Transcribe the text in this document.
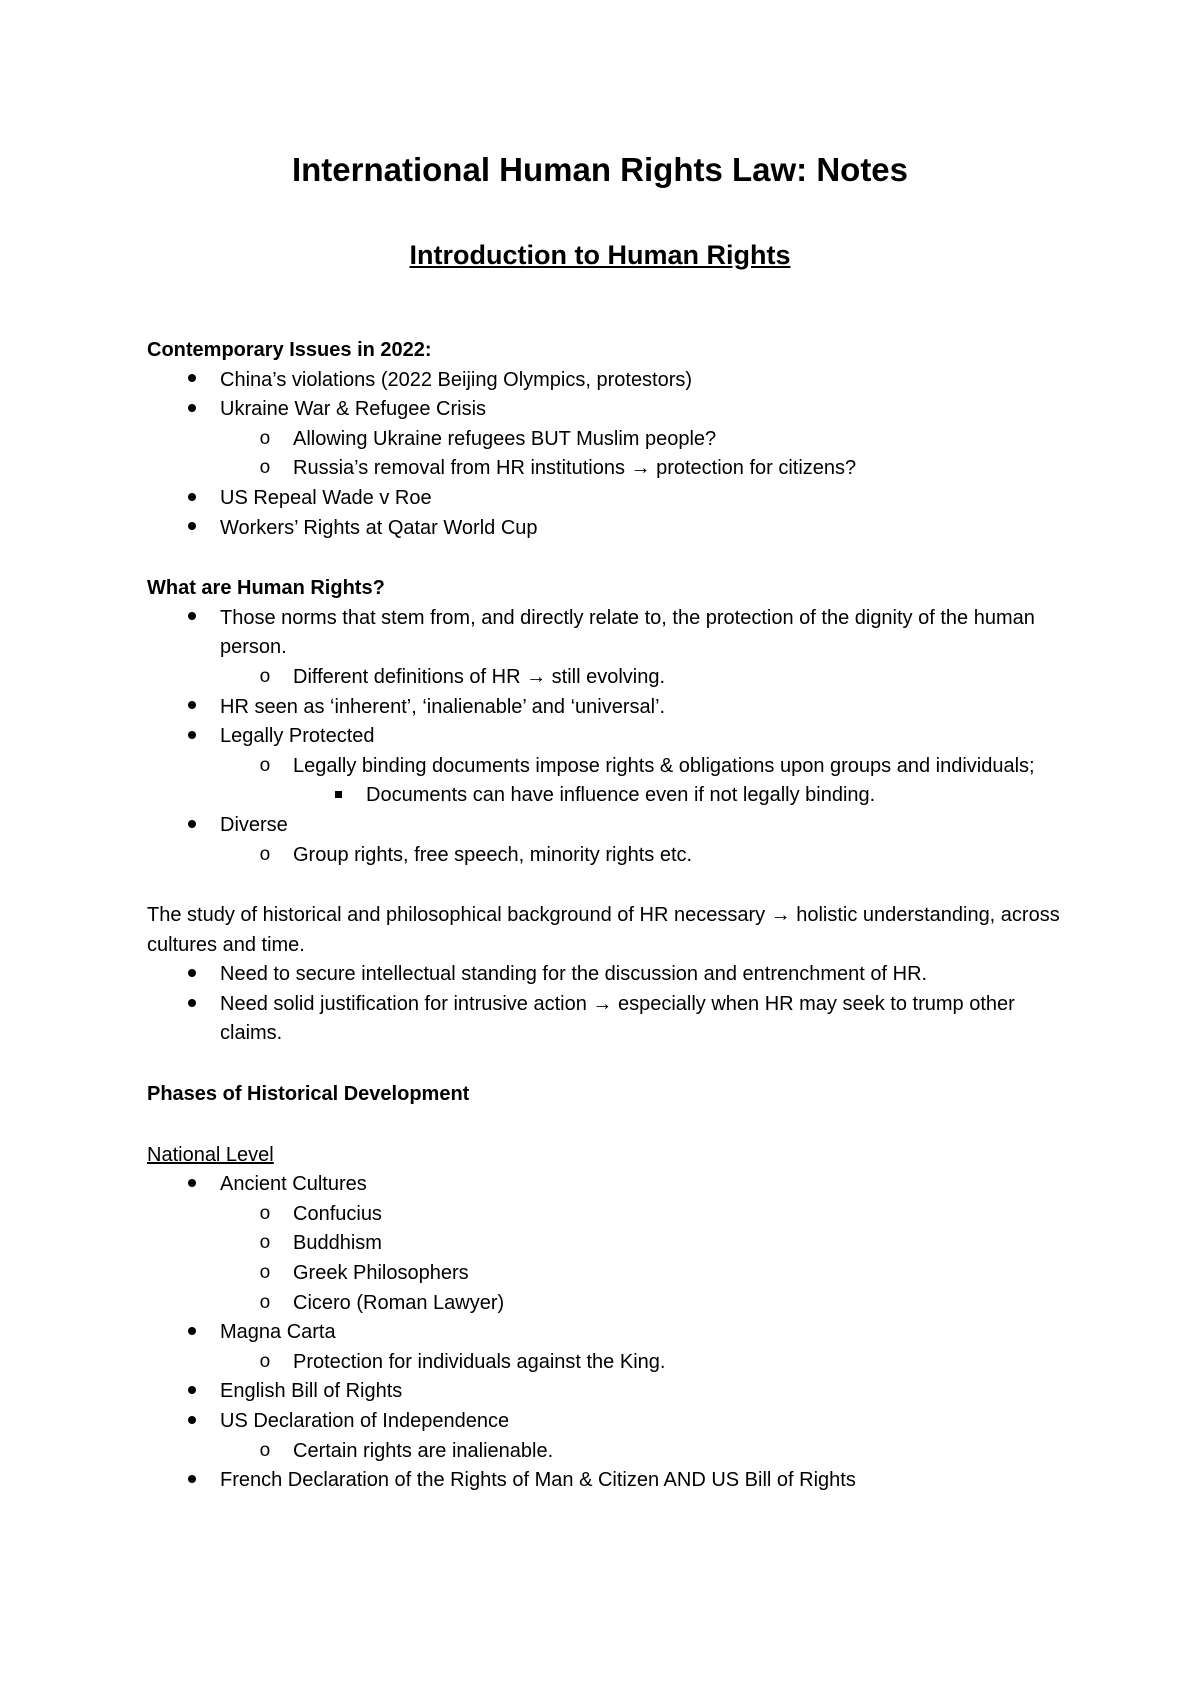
International Human Rights Law: Notes
Introduction to Human Rights
Contemporary Issues in 2022:
China’s violations (2022 Beijing Olympics, protestors)
Ukraine War & Refugee Crisis
o	Allowing Ukraine refugees BUT Muslim people?
o	Russia’s removal from HR institutions → protection for citizens?
US Repeal Wade v Roe
Workers’ Rights at Qatar World Cup
What are Human Rights?
Those norms that stem from, and directly relate to, the protection of the dignity of the human person.
o	Different definitions of HR → still evolving.
HR seen as ‘inherent’, ‘inalienable’ and ‘universal’.
Legally Protected
o	Legally binding documents impose rights & obligations upon groups and individuals;
Documents can have influence even if not legally binding.
Diverse
o	Group rights, free speech, minority rights etc.
The study of historical and philosophical background of HR necessary → holistic understanding, across cultures and time.
Need to secure intellectual standing for the discussion and entrenchment of HR.
Need solid justification for intrusive action → especially when HR may seek to trump other claims.
Phases of Historical Development
National Level
Ancient Cultures
o	Confucius
o	Buddhism
o	Greek Philosophers
o	Cicero (Roman Lawyer)
Magna Carta
o	Protection for individuals against the King.
English Bill of Rights
US Declaration of Independence
o	Certain rights are inalienable.
French Declaration of the Rights of Man & Citizen AND US Bill of Rights
